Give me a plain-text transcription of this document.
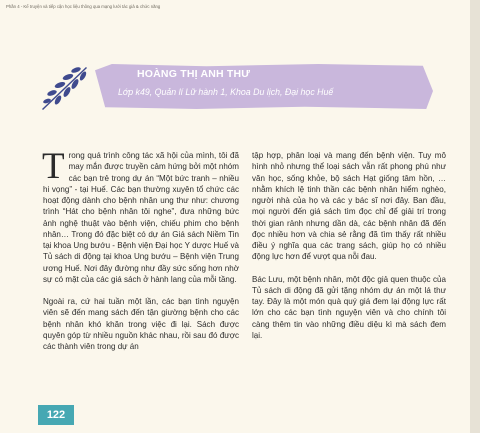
Phần 4 - Kể truyện và tiếp cận học liệu thông qua mạng lưới tác giả & chức năng
HOÀNG THỊ ANH THƯ
Lớp k49, Quản lí Lữ hành 1, Khoa Du lịch, Đại học Huế

Trong quá trình công tác xã hội của mình, tôi đã may mắn được truyền cảm hứng bởi một nhóm các bạn trẻ trong dự án “Một bức tranh – nhiều hi vọng” - tại Huế. Các bạn thường xuyên tổ chức các hoạt động dành cho bệnh nhân ung thư như: chương trình “Hát cho bệnh nhân tôi nghe”, đưa những bức ảnh nghệ thuật vào bệnh viện, chiếu phim cho bệnh nhân… Trong đó đặc biệt có dự án Giá sách Niềm Tin tại khoa Ung bướu - Bệnh viện Đại học Y dược Huế và Tủ sách di động tại khoa Ung bướu – Bệnh viện Trung ương Huế. Nơi đây đường như đầy sức sống hơn nhờ sự có mặt của các giá sách ở hành lang của mỗi tầng.

Ngoài ra, cứ hai tuần một lần, các bạn tình nguyện viên sẽ đến mang sách đến tận giường bệnh cho các bệnh nhân khó khăn trong việc đi lại. Sách được quyên góp từ nhiều nguồn khác nhau, rồi sau đó được các thành viên trong dự án

tập hợp, phân loại và mang đến bệnh viện. Tuy mô hình nhỏ nhưng thể loại sách vẫn rất phong phú như văn học, sống khỏe, bộ sách Hạt giống tâm hồn, … nhằm khích lệ tinh thần các bệnh nhân hiểm nghèo, người nhà của họ và các y bác sĩ nơi đây. Ban đầu, mọi người đến giá sách tìm đọc chỉ để giải trí trong thời gian rảnh nhưng dần dà, các bệnh nhân đã đến đọc nhiều hơn và chia sẻ rằng đã tìm thấy rất nhiều điều ý nghĩa qua các trang sách, giúp họ có nhiều động lực hơn để vượt qua nỗi đau.

Bác Lưu, một bệnh nhân, một độc giả quen thuộc của Tủ sách di động đã gửi tặng nhóm dự án một lá thư tay. Đây là một món quà quý giá đem lại động lực rất lớn cho các bạn tình nguyện viên và cho chính tôi càng thêm tin vào những điều diệu kì mà sách đem lại.

122
